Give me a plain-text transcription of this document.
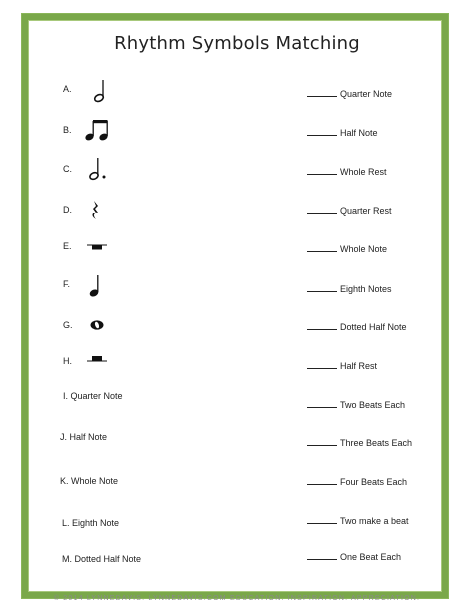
Rhythm Symbols Matching
A.
B.
C.
D.
E.
F.
G.
H.
I. Quarter Note
J. Half Note
K. Whole Note
L. Eighth Note
M. Dotted Half Note
Quarter Note
Half Note
Whole Rest
Quarter Rest
Whole Note
Eighth Notes
Dotted Half Note
Half Rest
Two Beats Each
Three Beats Each
Four Beats Each
Two make a beat
One Beat Each
© 2014 LYNNEDAVIS. LYNNEDAVIS.COM EDUCATION. INSPIRATION. APPRECIATION.
